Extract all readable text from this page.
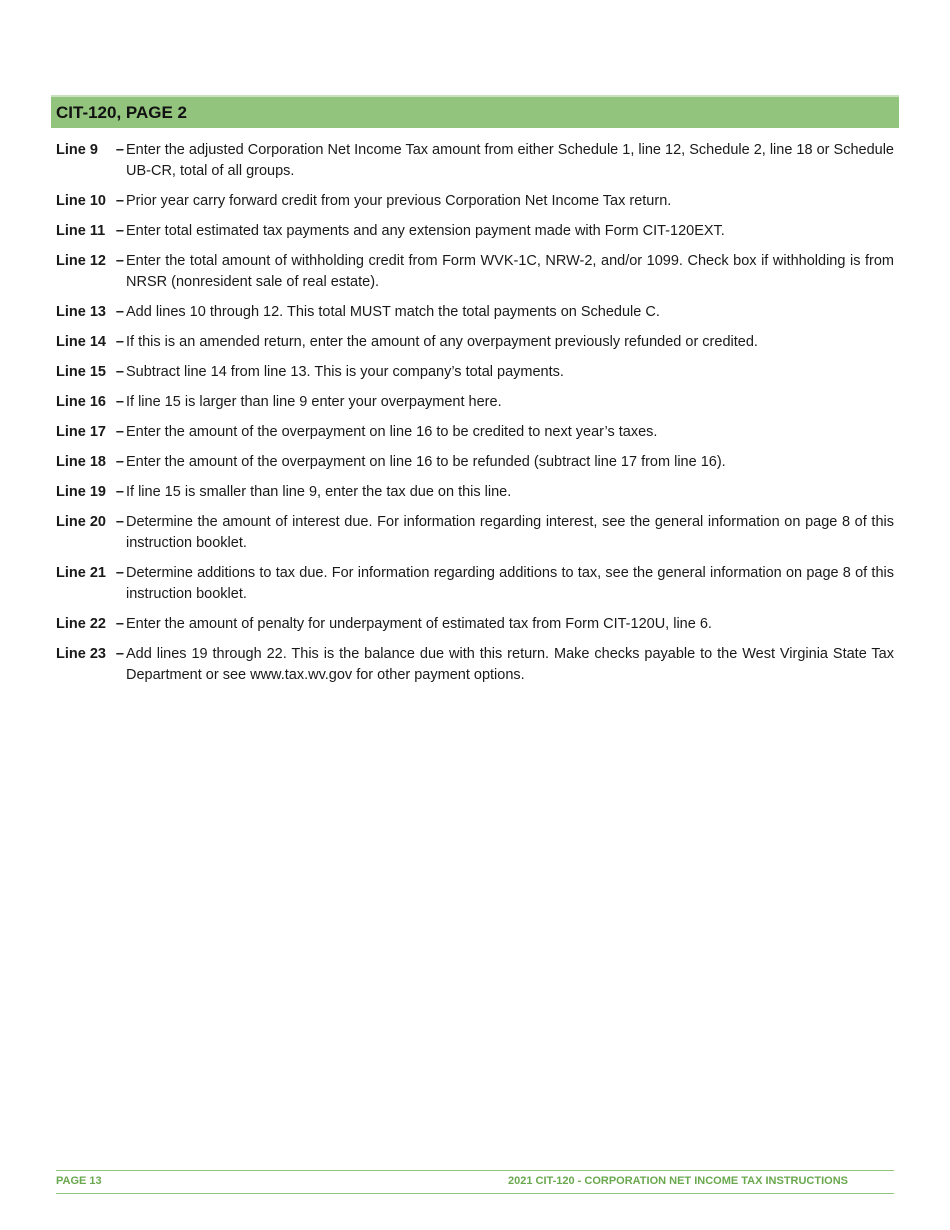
CIT-120, PAGE 2
Line 9 – Enter the adjusted Corporation Net Income Tax amount from either Schedule 1, line 12, Schedule 2, line 18 or Schedule UB-CR, total of all groups.
Line 10 – Prior year carry forward credit from your previous Corporation Net Income Tax return.
Line 11 – Enter total estimated tax payments and any extension payment made with Form CIT-120EXT.
Line 12 – Enter the total amount of withholding credit from Form WVK-1C, NRW-2, and/or 1099. Check box if withholding is from NRSR (nonresident sale of real estate).
Line 13 – Add lines 10 through 12. This total MUST match the total payments on Schedule C.
Line 14 – If this is an amended return, enter the amount of any overpayment previously refunded or credited.
Line 15 – Subtract line 14 from line 13. This is your company’s total payments.
Line 16 – If line 15 is larger than line 9 enter your overpayment here.
Line 17 – Enter the amount of the overpayment on line 16 to be credited to next year’s taxes.
Line 18 – Enter the amount of the overpayment on line 16 to be refunded (subtract line 17 from line 16).
Line 19 – If line 15 is smaller than line 9, enter the tax due on this line.
Line 20 – Determine the amount of interest due. For information regarding interest, see the general information on page 8 of this instruction booklet.
Line 21 – Determine additions to tax due. For information regarding additions to tax, see the general information on page 8 of this instruction booklet.
Line 22 – Enter the amount of penalty for underpayment of estimated tax from Form CIT-120U, line 6.
Line 23 – Add lines 19 through 22. This is the balance due with this return. Make checks payable to the West Virginia State Tax Department or see www.tax.wv.gov for other payment options.
PAGE 13	2021 CIT-120 - CORPORATION NET INCOME TAX INSTRUCTIONS
